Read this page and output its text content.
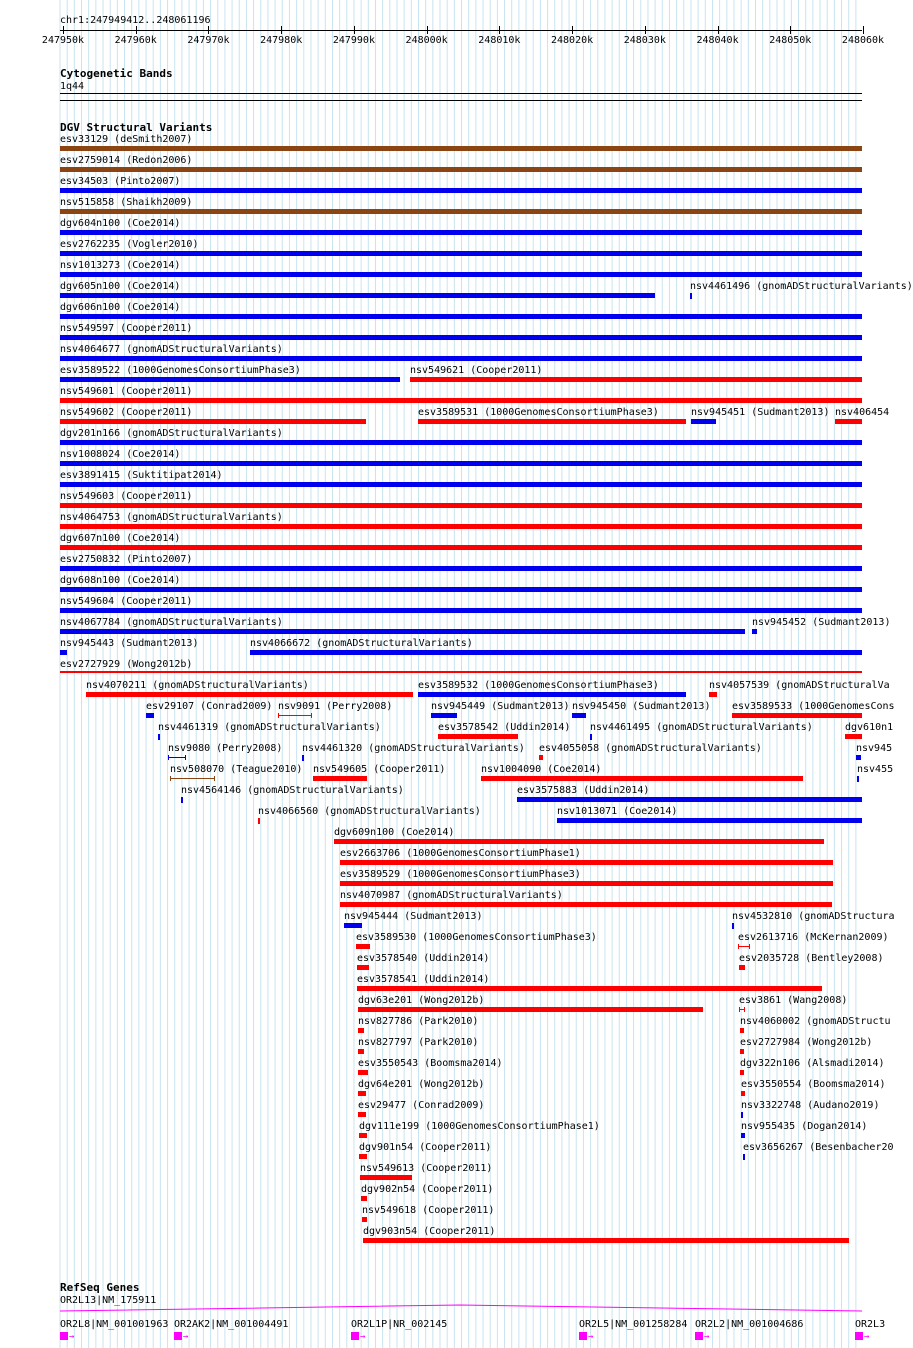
chr1:247949412..248061196
247950k	247960k	247970k	247980k	247990k	248000k	248010k	248020k	248030k	248040k	248050k	248060k
Cytogenetic Bands
1q44
DGV Structural Variants
esv33129 (deSmith2007)
esv2759014 (Redon2006)
esv34503 (Pinto2007)
nsv515858 (Shaikh2009)
dgv604n100 (Coe2014)
esv2762235 (Vogler2010)
nsv1013273 (Coe2014)
dgv605n100 (Coe2014)	nsv4461496 (gnomADStructuralVariants)
dgv606n100 (Coe2014)
nsv549597 (Cooper2011)
nsv4064677 (gnomADStructuralVariants)
esv3589522 (1000GenomesConsortiumPhase3)	nsv549621 (Cooper2011)
nsv549601 (Cooper2011)
nsv549602 (Cooper2011)	esv3589531 (1000GenomesConsortiumPhase3)	nsv945451 (Sudmant2013) nsv406454
dgv201n166 (gnomADStructuralVariants)
nsv1008024 (Coe2014)
esv3891415 (Suktitipat2014)
nsv549603 (Cooper2011)
nsv4064753 (gnomADStructuralVariants)
dgv607n100 (Coe2014)
esv2750832 (Pinto2007)
dgv608n100 (Coe2014)
nsv549604 (Cooper2011)
nsv4067784 (gnomADStructuralVariants)	nsv945452 (Sudmant2013)
nsv945443 (Sudmant2013)	nsv4066672 (gnomADStructuralVariants)
esv2727929 (Wong2012b)
nsv4070211 (gnomADStructuralVariants)	esv3589532 (1000GenomesConsortiumPhase3)	nsv4057539 (gnomADStructuralVa
esv29107 (Conrad2009) nsv9091 (Perry2008)	nsv945449 (Sudmant2013) nsv945450 (Sudmant2013) esv3589533 (1000GenomesCons
nsv4461319 (gnomADStructuralVariants)	esv3578542 (Uddin2014) nsv4461495 (gnomADStructuralVariants)	dgv610n1
nsv9080 (Perry2008) nsv4461320 (gnomADStructuralVariants) esv4055058 (gnomADStructuralVariants)	nsv945
nsv508070 (Teague2010) nsv549605 (Cooper2011)	nsv1004090 (Coe2014)	nsv455
nsv4564146 (gnomADStructuralVariants)	esv3575883 (Uddin2014)
nsv4066560 (gnomADStructuralVariants)	nsv1013071 (Coe2014)
dgv609n100 (Coe2014)
esv2663706 (1000GenomesConsortiumPhase1)
esv3589529 (1000GenomesConsortiumPhase3)
nsv4070987 (gnomADStructuralVariants)
nsv945444 (Sudmant2013)	nsv4532810 (gnomADStructura
esv3589530 (1000GenomesConsortiumPhase3)	esv2613716 (McKernan2009)
esv3578540 (Uddin2014)	esv2035728 (Bentley2008)
esv3578541 (Uddin2014)
dgv63e201 (Wong2012b)	esv3861 (Wang2008)
nsv827786 (Park2010)	nsv4060002 (gnomADStructu
nsv827797 (Park2010)	esv2727984 (Wong2012b)
esv3550543 (Boomsma2014)	dgv322n106 (Alsmadi2014)
dgv64e201 (Wong2012b)	esv3550554 (Boomsma2014)
esv29477 (Conrad2009)	nsv3322748 (Audano2019)
dgv111e199 (1000GenomesConsortiumPhase1)	nsv955435 (Dogan2014)
dgv901n54 (Cooper2011)	esv3656267 (Besenbacher20
nsv549613 (Cooper2011)
dgv902n54 (Cooper2011)
nsv549618 (Cooper2011)
dgv903n54 (Cooper2011)
RefSeq Genes
OR2L13|NM_175911
OR2L8|NM_001001963
→
OR2AK2|NM_001004491
→
OR2L1P|NR_002145
→
OR2L5|NM_001258284
→
OR2L2|NM_001004686
→
OR2L3
→
